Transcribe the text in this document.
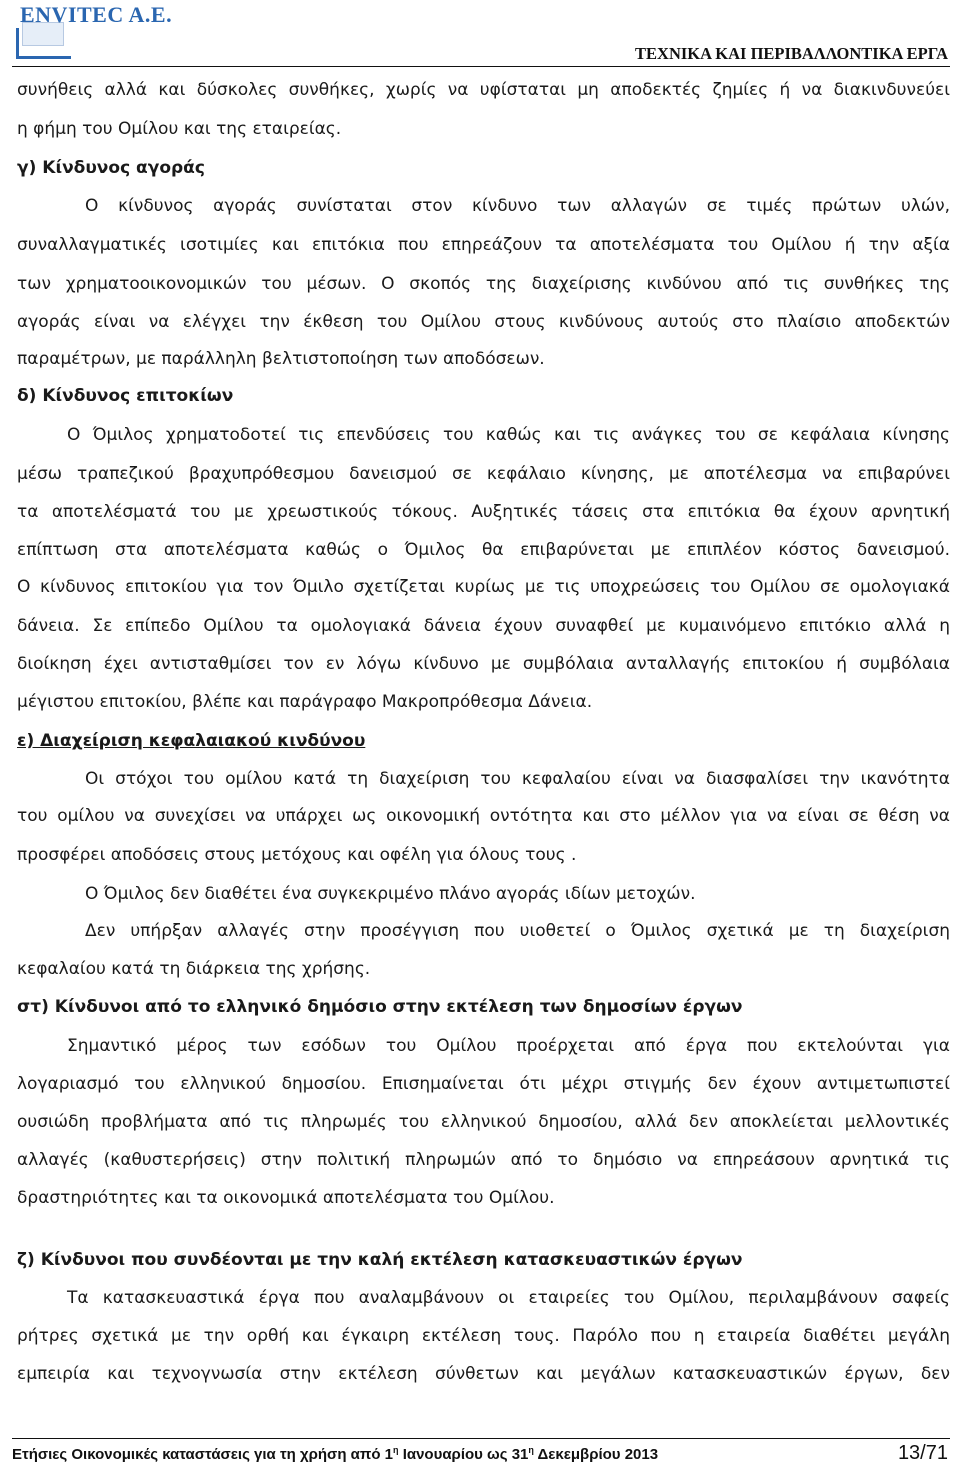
ENVITEC A.E.
ΤΕΧΝΙΚΑ ΚΑΙ ΠΕΡΙΒΑΛΛΟΝΤΙΚΑ ΕΡΓΑ
συνήθεις αλλά και δύσκολες συνθήκες, χωρίς να υφίσταται μη αποδεκτές ζημίες ή να διακινδυνεύει
η φήμη του Ομίλου και της εταιρείας.
γ) Κίνδυνος αγοράς
Ο κίνδυνος αγοράς συνίσταται στον κίνδυνο των αλλαγών σε τιμές πρώτων υλών,
συναλλαγματικές ισοτιμίες και επιτόκια που επηρεάζουν τα αποτελέσματα του Ομίλου ή την αξία
των χρηματοοικονομικών του μέσων. Ο σκοπός της διαχείρισης κινδύνου από τις συνθήκες της
αγοράς είναι να ελέγχει την έκθεση του Ομίλου στους κινδύνους αυτούς στο πλαίσιο αποδεκτών
παραμέτρων, με παράλληλη βελτιστοποίηση των αποδόσεων.
δ) Κίνδυνος επιτοκίων
Ο Όμιλος χρηματοδοτεί τις επενδύσεις του καθώς και τις ανάγκες του σε κεφάλαια κίνησης
μέσω τραπεζικού βραχυπρόθεσμου δανεισμού σε κεφάλαιο κίνησης, με αποτέλεσμα να επιβαρύνει
τα αποτελέσματά του με χρεωστικούς τόκους. Αυξητικές τάσεις στα επιτόκια θα έχουν αρνητική
επίπτωση στα αποτελέσματα καθώς ο Όμιλος θα επιβαρύνεται με επιπλέον κόστος δανεισμού.
Ο κίνδυνος επιτοκίου για τον Όμιλο σχετίζεται κυρίως με τις υποχρεώσεις του Ομίλου σε ομολογιακά
δάνεια. Σε επίπεδο Ομίλου τα ομολογιακά δάνεια έχουν συναφθεί με κυμαινόμενο επιτόκιο αλλά η
διοίκηση έχει αντισταθμίσει τον εν λόγω κίνδυνο με συμβόλαια ανταλλαγής επιτοκίου ή συμβόλαια
μέγιστου επιτοκίου, βλέπε και παράγραφο Μακροπρόθεσμα Δάνεια.
ε) Διαχείριση κεφαλαιακού κινδύνου
Οι στόχοι του ομίλου κατά τη διαχείριση του κεφαλαίου είναι να διασφαλίσει την ικανότητα
του ομίλου να συνεχίσει να υπάρχει ως οικονομική οντότητα και στο μέλλον για να είναι σε θέση να
προσφέρει αποδόσεις στους μετόχους και οφέλη για όλους τους .
Ο Όμιλος δεν διαθέτει ένα συγκεκριμένο πλάνο αγοράς ιδίων μετοχών.
Δεν υπήρξαν αλλαγές στην προσέγγιση που υιοθετεί ο Όμιλος σχετικά με τη διαχείριση
κεφαλαίου κατά τη διάρκεια της χρήσης.
στ) Κίνδυνοι από το ελληνικό δημόσιο στην εκτέλεση των δημοσίων έργων
Σημαντικό μέρος των εσόδων του Ομίλου προέρχεται από έργα που εκτελούνται για
λογαριασμό του ελληνικού δημοσίου. Επισημαίνεται ότι μέχρι στιγμής δεν έχουν αντιμετωπιστεί
ουσιώδη προβλήματα από τις πληρωμές του ελληνικού δημοσίου, αλλά δεν αποκλείεται μελλοντικές
αλλαγές (καθυστερήσεις) στην πολιτική πληρωμών από το δημόσιο να επηρεάσουν αρνητικά τις
δραστηριότητες και τα οικονομικά αποτελέσματα του Ομίλου.
ζ) Κίνδυνοι που συνδέονται με την καλή εκτέλεση κατασκευαστικών έργων
Τα κατασκευαστικά έργα που αναλαμβάνουν οι εταιρείες του Ομίλου, περιλαμβάνουν σαφείς
ρήτρες σχετικά με την ορθή και έγκαιρη εκτέλεση τους. Παρόλο που η εταιρεία διαθέτει μεγάλη
εμπειρία και τεχνογνωσία στην εκτέλεση σύνθετων και μεγάλων κατασκευαστικών έργων, δεν
Ετήσιες Οικονομικές καταστάσεις για τη χρήση από $1^\eta$ Ιανουαρίου ως $31^\eta$ Δεκεμβρίου 2013	13/71
